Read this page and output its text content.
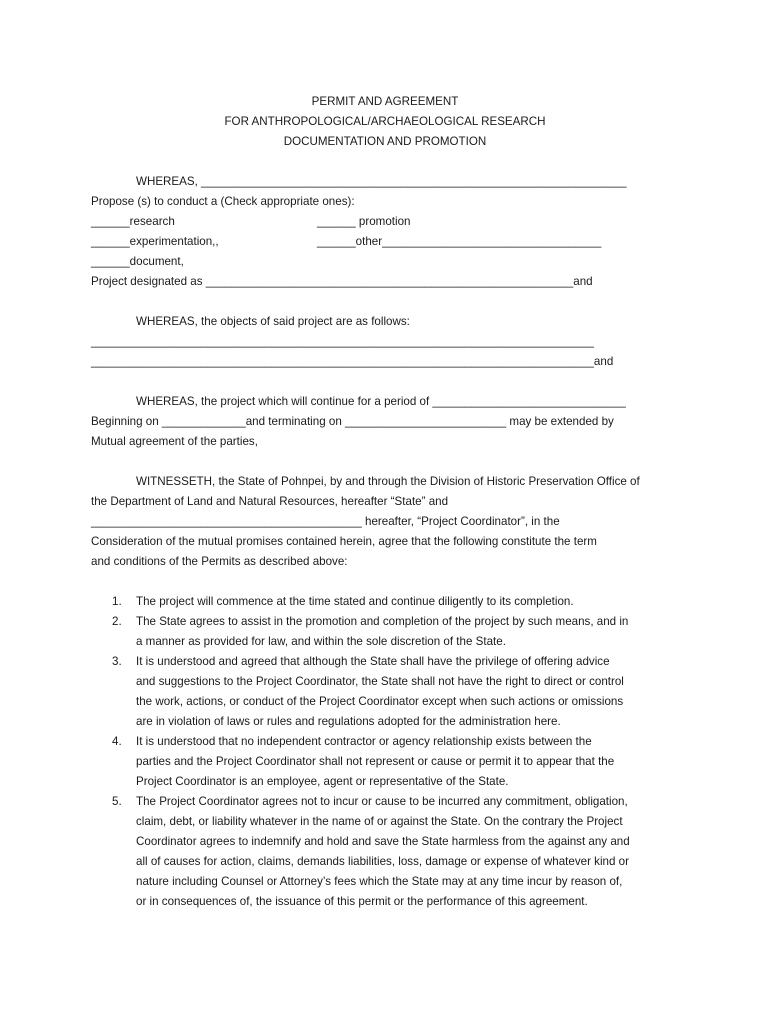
PERMIT AND AGREEMENT
FOR ANTHROPOLOGICAL/ARCHAEOLOGICAL RESEARCH
DOCUMENTATION AND PROMOTION
WHEREAS, __________________________________________________________________
Propose (s) to conduct a (Check appropriate ones):
______research	______ promotion
______experimentation,,	______other__________________________________
______document,
Project designated as _________________________________________________________and
WHEREAS, the objects of said project are as follows:
______________________________________________________________________________
______________________________________________________________________________and
WHEREAS, the project which will continue for a period of ______________________________
Beginning on _____________and terminating on _________________________ may be extended by
Mutual agreement of the parties,
WITNESSETH, the State of Pohnpei, by and through the Division of Historic Preservation Office of
the Department of Land and Natural Resources, hereafter “State” and
__________________________________________ hereafter, “Project Coordinator”, in the
Consideration of the mutual promises contained herein, agree that the following constitute the term
and conditions of the Permits as described above:
1. The project will commence at the time stated and continue diligently to its completion.
2. The State agrees to assist in the promotion and completion of the project by such means, and in
a manner as provided for law, and within the sole discretion of the State.
3. It is understood and agreed that although the State shall have the privilege of offering advice
and suggestions to the Project Coordinator, the State shall not have the right to direct or control
the work, actions, or conduct of the Project Coordinator except when such actions or omissions
are in violation of laws or rules and regulations adopted for the administration here.
4. It is understood that no independent contractor or agency relationship exists between the
parties and the Project Coordinator shall not represent or cause or permit it to appear that the
Project Coordinator is an employee, agent or representative of the State.
5. The Project Coordinator agrees not to incur or cause to be incurred any commitment, obligation,
claim, debt, or liability whatever in the name of or against the State. On the contrary the Project
Coordinator agrees to indemnify and hold and save the State harmless from the against any and
all of causes for action, claims, demands liabilities, loss, damage or expense of whatever kind or
nature including Counsel or Attorney’s fees which the State may at any time incur by reason of,
or in consequences of, the issuance of this permit or the performance of this agreement.
